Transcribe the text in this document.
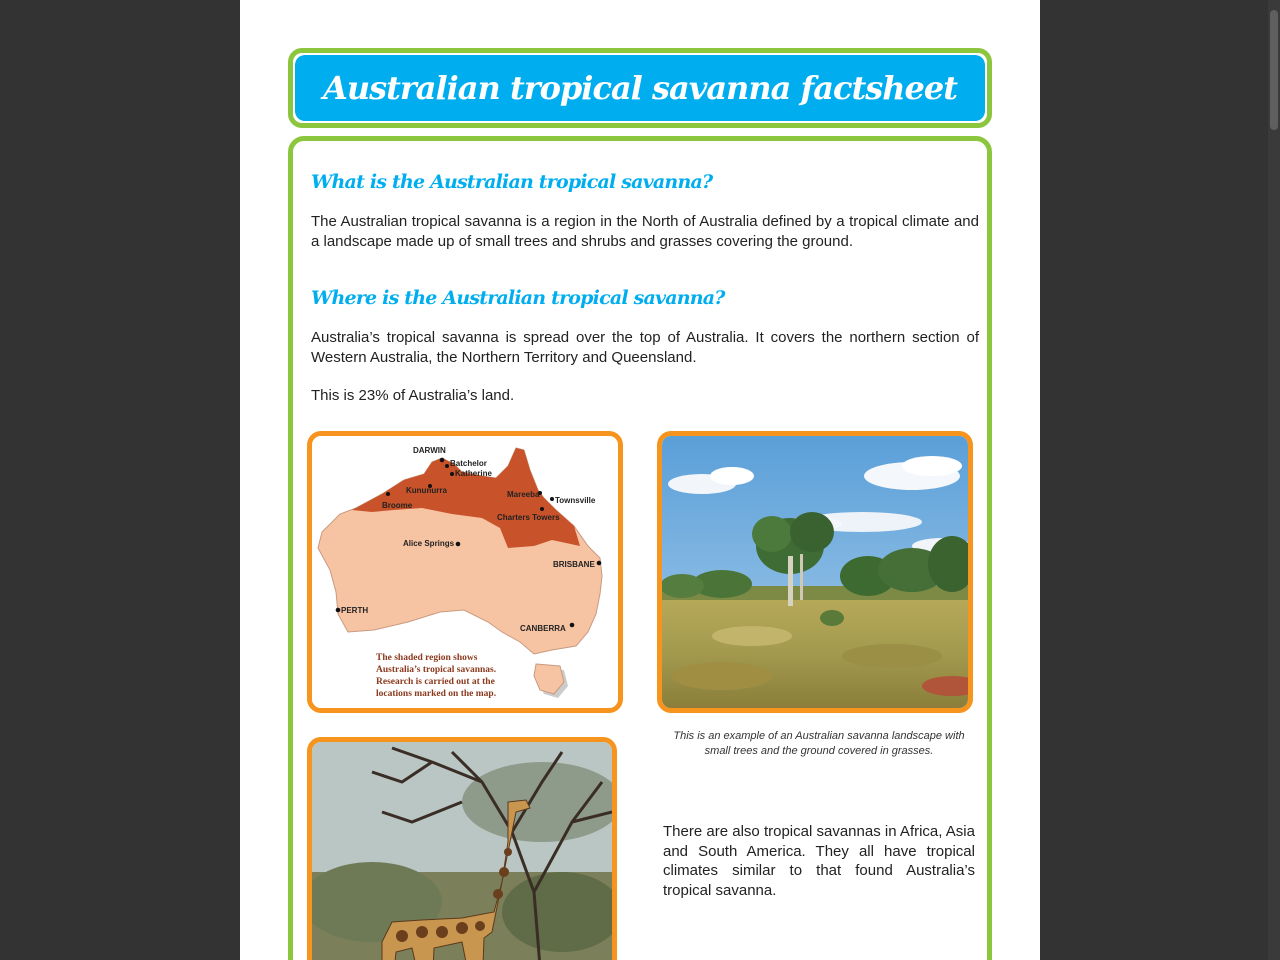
Australian tropical savanna factsheet
What is the Australian tropical savanna?
The Australian tropical savanna is a region in the North of Australia defined by a tropical climate and a landscape made up of small trees and shrubs and grasses covering the ground.
Where is the Australian tropical savanna?
Australia’s tropical savanna is spread over the top of Australia. It covers the northern section of Western Australia, the Northern Territory and Queensland.
This is 23% of Australia’s land.
DARWIN
Batchelor
Katherine
Kununurra
Broome
Mareeba
Townsville
Charters Towers
Alice Springs
BRISBANE
PERTH
CANBERRA
The shaded region shows
Australia’s tropical savannas.
Research is carried out at the
locations marked on the map.
This is an example of an Australian savanna landscape with small trees and the ground covered in grasses.
There are also tropical savannas in Africa, Asia and South America. They all have tropical climates similar to that found Australia’s tropical savanna.
